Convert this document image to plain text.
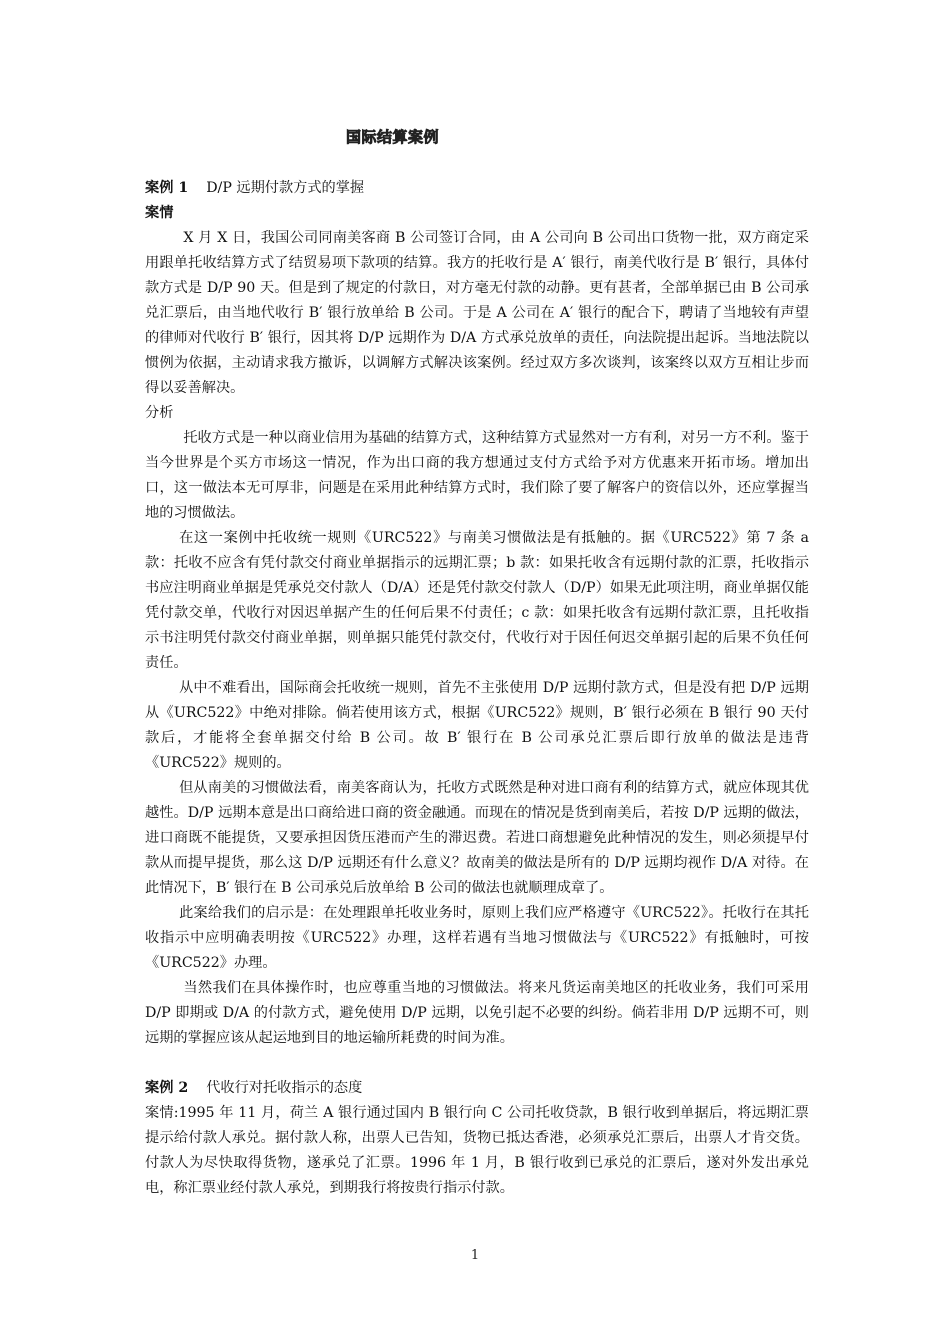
国际结算案例

案例 1 D/P 远期付款方式的掌握

案情

X 月 X 日，我国公司同南美客商 B 公司签订合同，由 A 公司向 B 公司出口货物一批，双方商定采用跟单托收结算方式了结贸易项下款项的结算。我方的托收行是 A′ 银行，南美代收行是 B′ 银行，具体付款方式是 D/P 90 天。但是到了规定的付款日，对方毫无付款的动静。更有甚者，全部单据已由 B 公司承兑汇票后，由当地代收行 B′ 银行放单给 B 公司。于是 A 公司在 A′ 银行的配合下，聘请了当地较有声望的律师对代收行 B′ 银行，因其将 D/P 远期作为 D/A 方式承兑放单的责任，向法院提出起诉。当地法院以惯例为依据，主动请求我方撤诉，以调解方式解决该案例。经过双方多次谈判，该案终以双方互相让步而得以妥善解决。

分析

托收方式是一种以商业信用为基础的结算方式，这种结算方式显然对一方有利，对另一方不利。鉴于当今世界是个买方市场这一情况，作为出口商的我方想通过支付方式给予对方优惠来开拓市场。增加出口，这一做法本无可厚非，问题是在采用此种结算方式时，我们除了要了解客户的资信以外，还应掌握当地的习惯做法。

在这一案例中托收统一规则《URC522》与南美习惯做法是有抵触的。据《URC522》第 7 条 a 款：托收不应含有凭付款交付商业单据指示的远期汇票；b 款：如果托收含有远期付款的汇票，托收指示书应注明商业单据是凭承兑交付款人（D/A）还是凭付款交付款人（D/P）如果无此项注明，商业单据仅能凭付款交单，代收行对因迟单据产生的任何后果不付责任；c 款：如果托收含有远期付款汇票，且托收指示书注明凭付款交付商业单据，则单据只能凭付款交付，代收行对于因任何迟交单据引起的后果不负任何责任。

从中不难看出，国际商会托收统一规则，首先不主张使用 D/P 远期付款方式，但是没有把 D/P 远期从《URC522》中绝对排除。倘若使用该方式，根据《URC522》规则，B′ 银行必须在 B 银行 90 天付款后，才能将全套单据交付给 B 公司。故 B′ 银行在 B 公司承兑汇票后即行放单的做法是违背《URC522》规则的。

但从南美的习惯做法看，南美客商认为，托收方式既然是种对进口商有利的结算方式，就应体现其优越性。D/P 远期本意是出口商给进口商的资金融通。而现在的情况是货到南美后，若按 D/P 远期的做法，进口商既不能提货，又要承担因货压港而产生的滞迟费。若进口商想避免此种情况的发生，则必须提早付款从而提早提货，那么这 D/P 远期还有什么意义？故南美的做法是所有的 D/P 远期均视作 D/A 对待。在此情况下，B′ 银行在 B 公司承兑后放单给 B 公司的做法也就顺理成章了。

此案给我们的启示是：在处理跟单托收业务时，原则上我们应严格遵守《URC522》。托收行在其托收指示中应明确表明按《URC522》办理，这样若遇有当地习惯做法与《URC522》有抵触时，可按《URC522》办理。

当然我们在具体操作时，也应尊重当地的习惯做法。将来凡货运南美地区的托收业务，我们可采用 D/P 即期或 D/A 的付款方式，避免使用 D/P 远期，以免引起不必要的纠纷。倘若非用 D/P 远期不可，则远期的掌握应该从起运地到目的地运输所耗费的时间为准。

案例 2 代收行对托收指示的态度

案情:1995 年 11 月，荷兰 A 银行通过国内 B 银行向 C 公司托收贷款，B 银行收到单据后，将远期汇票提示给付款人承兑。据付款人称，出票人已告知，货物已抵达香港，必须承兑汇票后，出票人才肯交货。付款人为尽快取得货物，遂承兑了汇票。1996 年 1 月，B 银行收到已承兑的汇票后，遂对外发出承兑电，称汇票业经付款人承兑，到期我行将按贵行指示付款。

1
